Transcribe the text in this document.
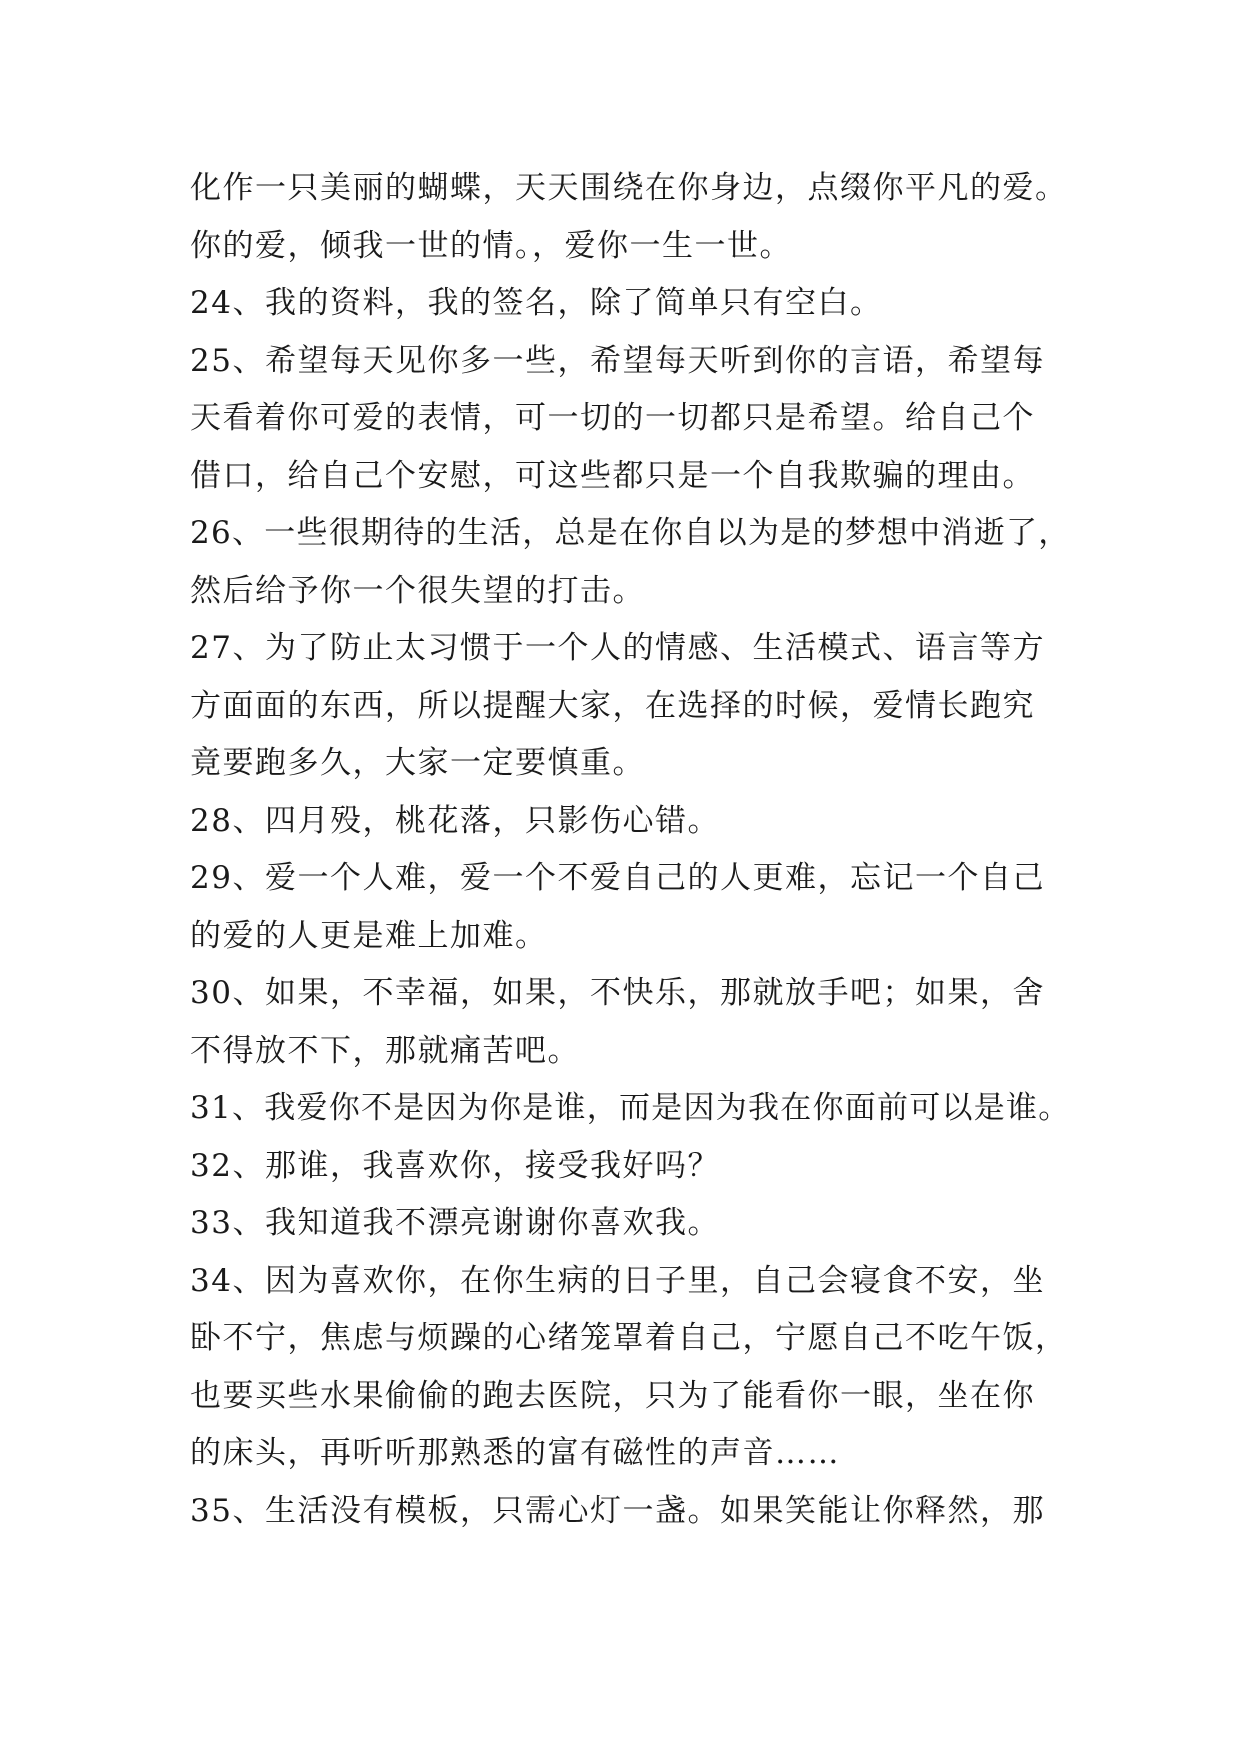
化作一只美丽的蝴蝶，天天围绕在你身边，点缀你平凡的爱。
你的爱，倾我一世的情。，爱你一生一世。
24、我的资料，我的签名，除了简单只有空白。
25、希望每天见你多一些，希望每天听到你的言语，希望每
天看着你可爱的表情，可一切的一切都只是希望。给自己个
借口，给自己个安慰，可这些都只是一个自我欺骗的理由。
26、一些很期待的生活，总是在你自以为是的梦想中消逝了，
然后给予你一个很失望的打击。
27、为了防止太习惯于一个人的情感、生活模式、语言等方
方面面的东西，所以提醒大家，在选择的时候，爱情长跑究
竟要跑多久，大家一定要慎重。
28、四月殁，桃花落，只影伤心错。
29、爱一个人难，爱一个不爱自己的人更难，忘记一个自己
的爱的人更是难上加难。
30、如果，不幸福，如果，不快乐，那就放手吧；如果，舍
不得放不下，那就痛苦吧。
31、我爱你不是因为你是谁，而是因为我在你面前可以是谁。
32、那谁，我喜欢你，接受我好吗？
33、我知道我不漂亮谢谢你喜欢我。
34、因为喜欢你，在你生病的日子里，自己会寝食不安，坐
卧不宁，焦虑与烦躁的心绪笼罩着自己，宁愿自己不吃午饭，
也要买些水果偷偷的跑去医院，只为了能看你一眼，坐在你
的床头，再听听那熟悉的富有磁性的声音……
35、生活没有模板，只需心灯一盏。如果笑能让你释然，那
